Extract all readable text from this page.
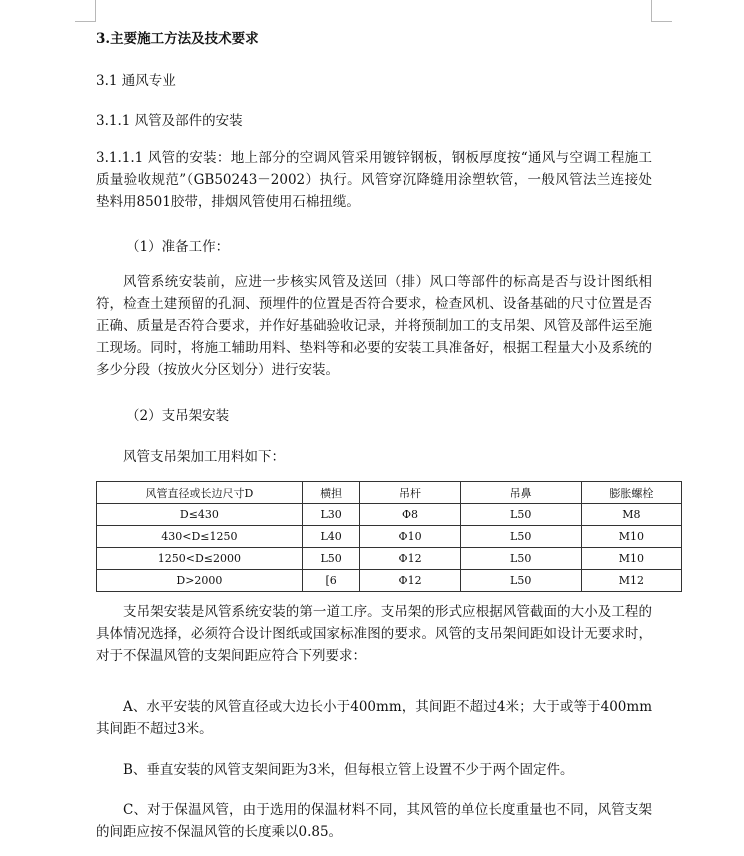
3.主要施工方法及技术要求
3.1 通风专业
3.1.1 风管及部件的安装
3.1.1.1 风管的安装：地上部分的空调风管采用镀锌钢板，钢板厚度按“通风与空调工程施工质量验收规范”（GB50243－2002）执行。风管穿沉降缝用涂塑软管，一般风管法兰连接处垫料用8501胶带，排烟风管使用石棉扭缆。
（1）准备工作：
风管系统安装前，应进一步核实风管及送回（排）风口等部件的标高是否与设计图纸相符，检查土建预留的孔洞、预埋件的位置是否符合要求，检查风机、设备基础的尺寸位置是否正确、质量是否符合要求，并作好基础验收记录，并将预制加工的支吊架、风管及部件运至施工现场。同时，将施工辅助用料、垫料等和必要的安装工具准备好，根据工程量大小及系统的多少分段（按放火分区划分）进行安装。
（2）支吊架安装
风管支吊架加工用料如下：
风管直径或长边尺寸D	横担	吊杆	吊鼻	膨胀螺栓
D≤430	L30	Φ8	L50	M8
430<D≤1250	L40	Φ10	L50	M10
1250<D≤2000	L50	Φ12	L50	M10
D>2000	[6	Φ12	L50	M12
支吊架安装是风管系统安装的第一道工序。支吊架的形式应根据风管截面的大小及工程的具体情况选择，必须符合设计图纸或国家标准图的要求。风管的支吊架间距如设计无要求时，对于不保温风管的支架间距应符合下列要求：
A、水平安装的风管直径或大边长小于400mm，其间距不超过4米；大于或等于400mm其间距不超过3米。
B、垂直安装的风管支架间距为3米，但每根立管上设置不少于两个固定件。
C、对于保温风管，由于选用的保温材料不同，其风管的单位长度重量也不同，风管支架的间距应按不保温风管的长度乘以0.85。
